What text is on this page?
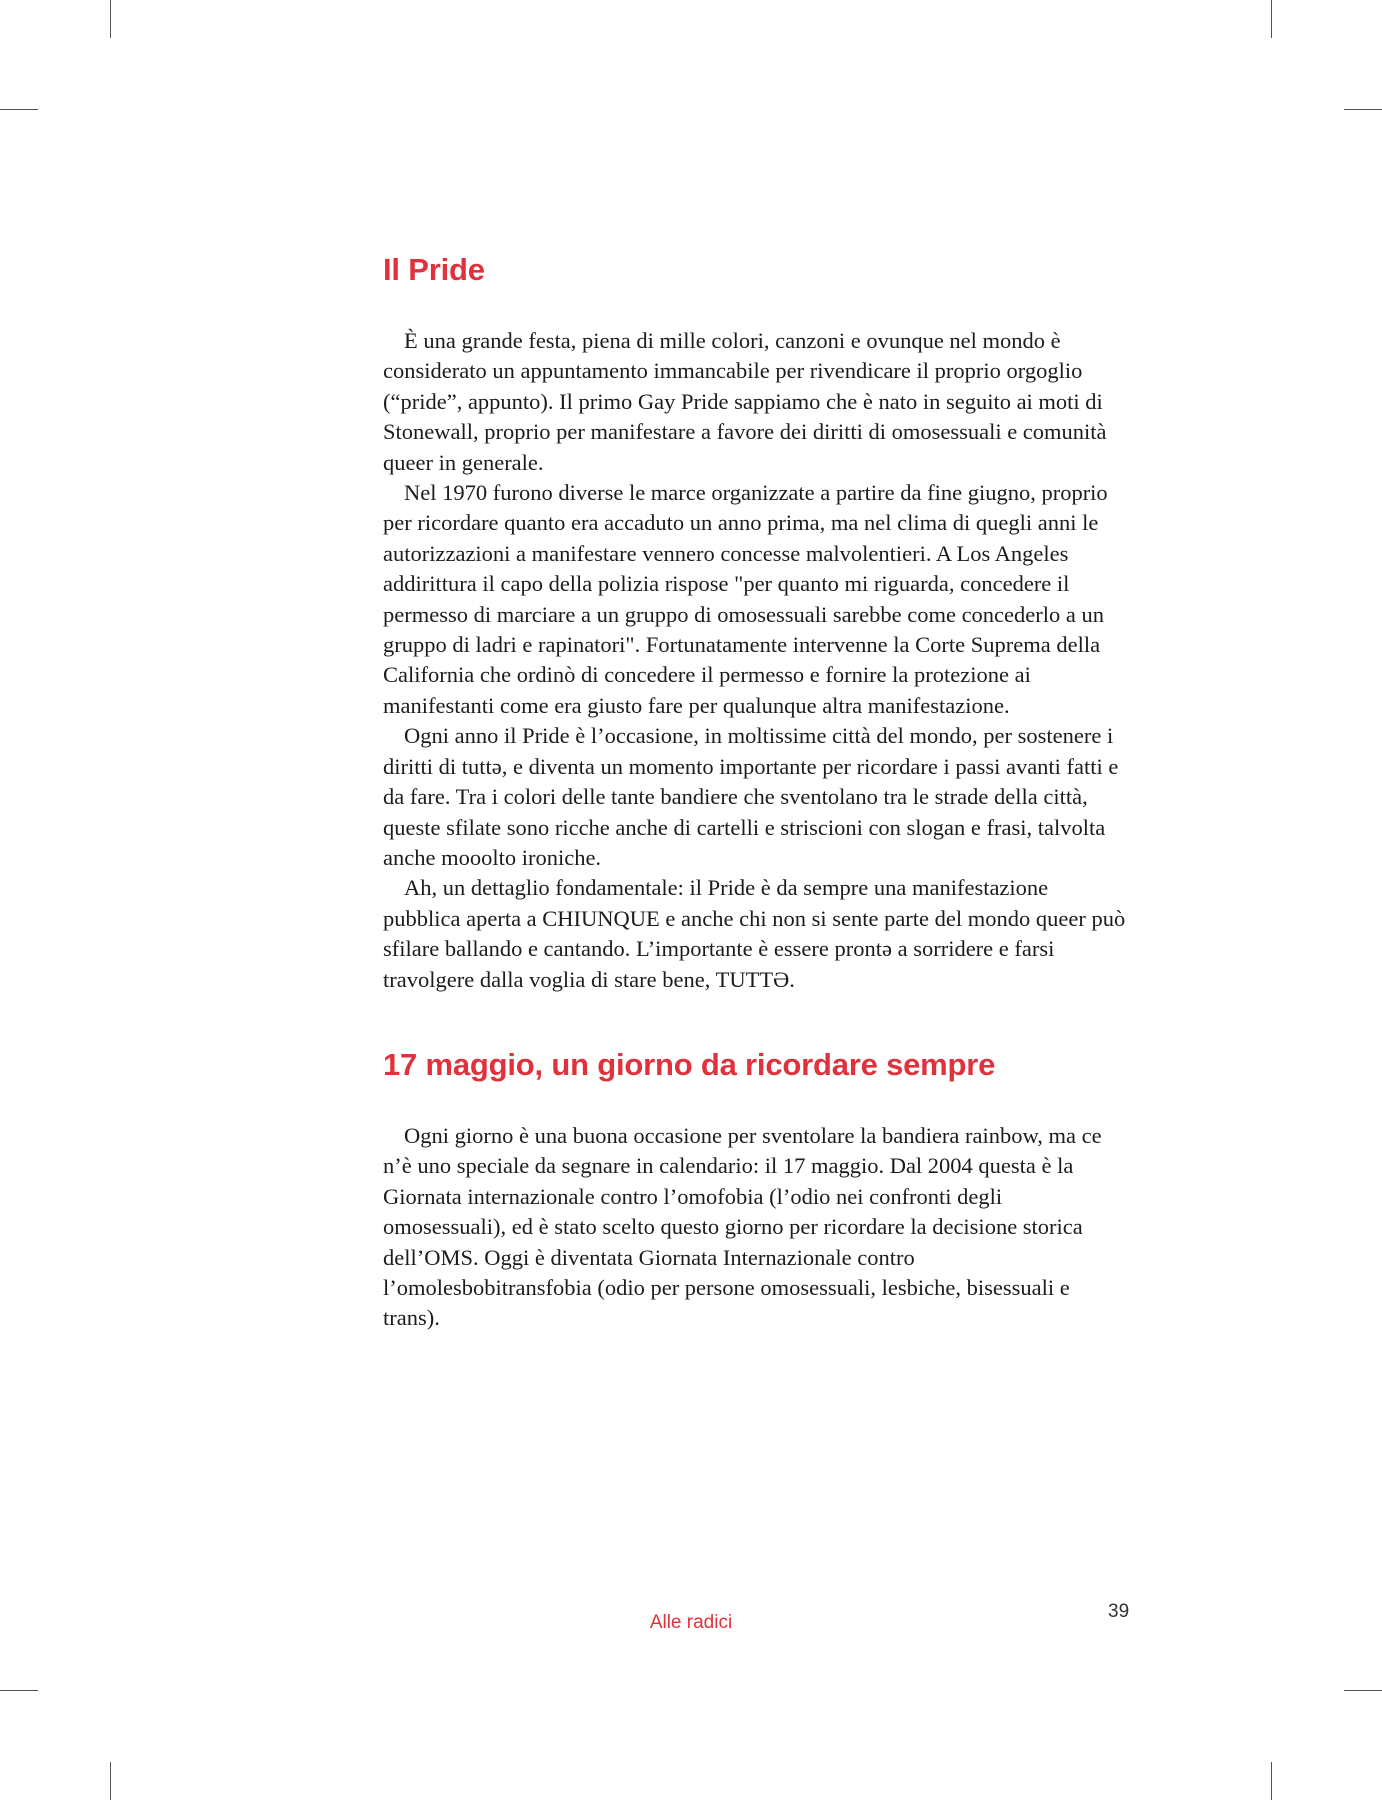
Il Pride

È una grande festa, piena di mille colori, canzoni e ovunque nel mondo è considerato un appuntamento immancabile per rivendicare il proprio orgoglio (“pride”, appunto). Il primo Gay Pride sappiamo che è nato in seguito ai moti di Stonewall, proprio per manifestare a favore dei diritti di omosessuali e comunità queer in generale.

Nel 1970 furono diverse le marce organizzate a partire da fine giugno, proprio per ricordare quanto era accaduto un anno prima, ma nel clima di quegli anni le autorizzazioni a manifestare vennero concesse malvolentieri. A Los Angeles addirittura il capo della polizia rispose "per quanto mi riguarda, concedere il permesso di marciare a un gruppo di omosessuali sarebbe come concederlo a un gruppo di ladri e rapinatori". Fortunatamente intervenne la Corte Suprema della California che ordinò di concedere il permesso e fornire la protezione ai manifestanti come era giusto fare per qualunque altra manifestazione.

Ogni anno il Pride è l’occasione, in moltissime città del mondo, per sostenere i diritti di tuttə, e diventa un momento importante per ricordare i passi avanti fatti e da fare. Tra i colori delle tante bandiere che sventolano tra le strade della città, queste sfilate sono ricche anche di cartelli e striscioni con slogan e frasi, talvolta anche mooolto ironiche.

Ah, un dettaglio fondamentale: il Pride è da sempre una manifestazione pubblica aperta a CHIUNQUE e anche chi non si sente parte del mondo queer può sfilare ballando e cantando. L’importante è essere prontə a sorridere e farsi travolgere dalla voglia di stare bene, TUTTƏ.

17 maggio, un giorno da ricordare sempre

Ogni giorno è una buona occasione per sventolare la bandiera rainbow, ma ce n’è uno speciale da segnare in calendario: il 17 maggio. Dal 2004 questa è la Giornata internazionale contro l’omofobia (l’odio nei confronti degli omosessuali), ed è stato scelto questo giorno per ricordare la decisione storica dell’OMS. Oggi è diventata Giornata Internazionale contro l’omolesbobitransfobia (odio per persone omosessuali, lesbiche, bisessuali e trans).

Alle radici
39
